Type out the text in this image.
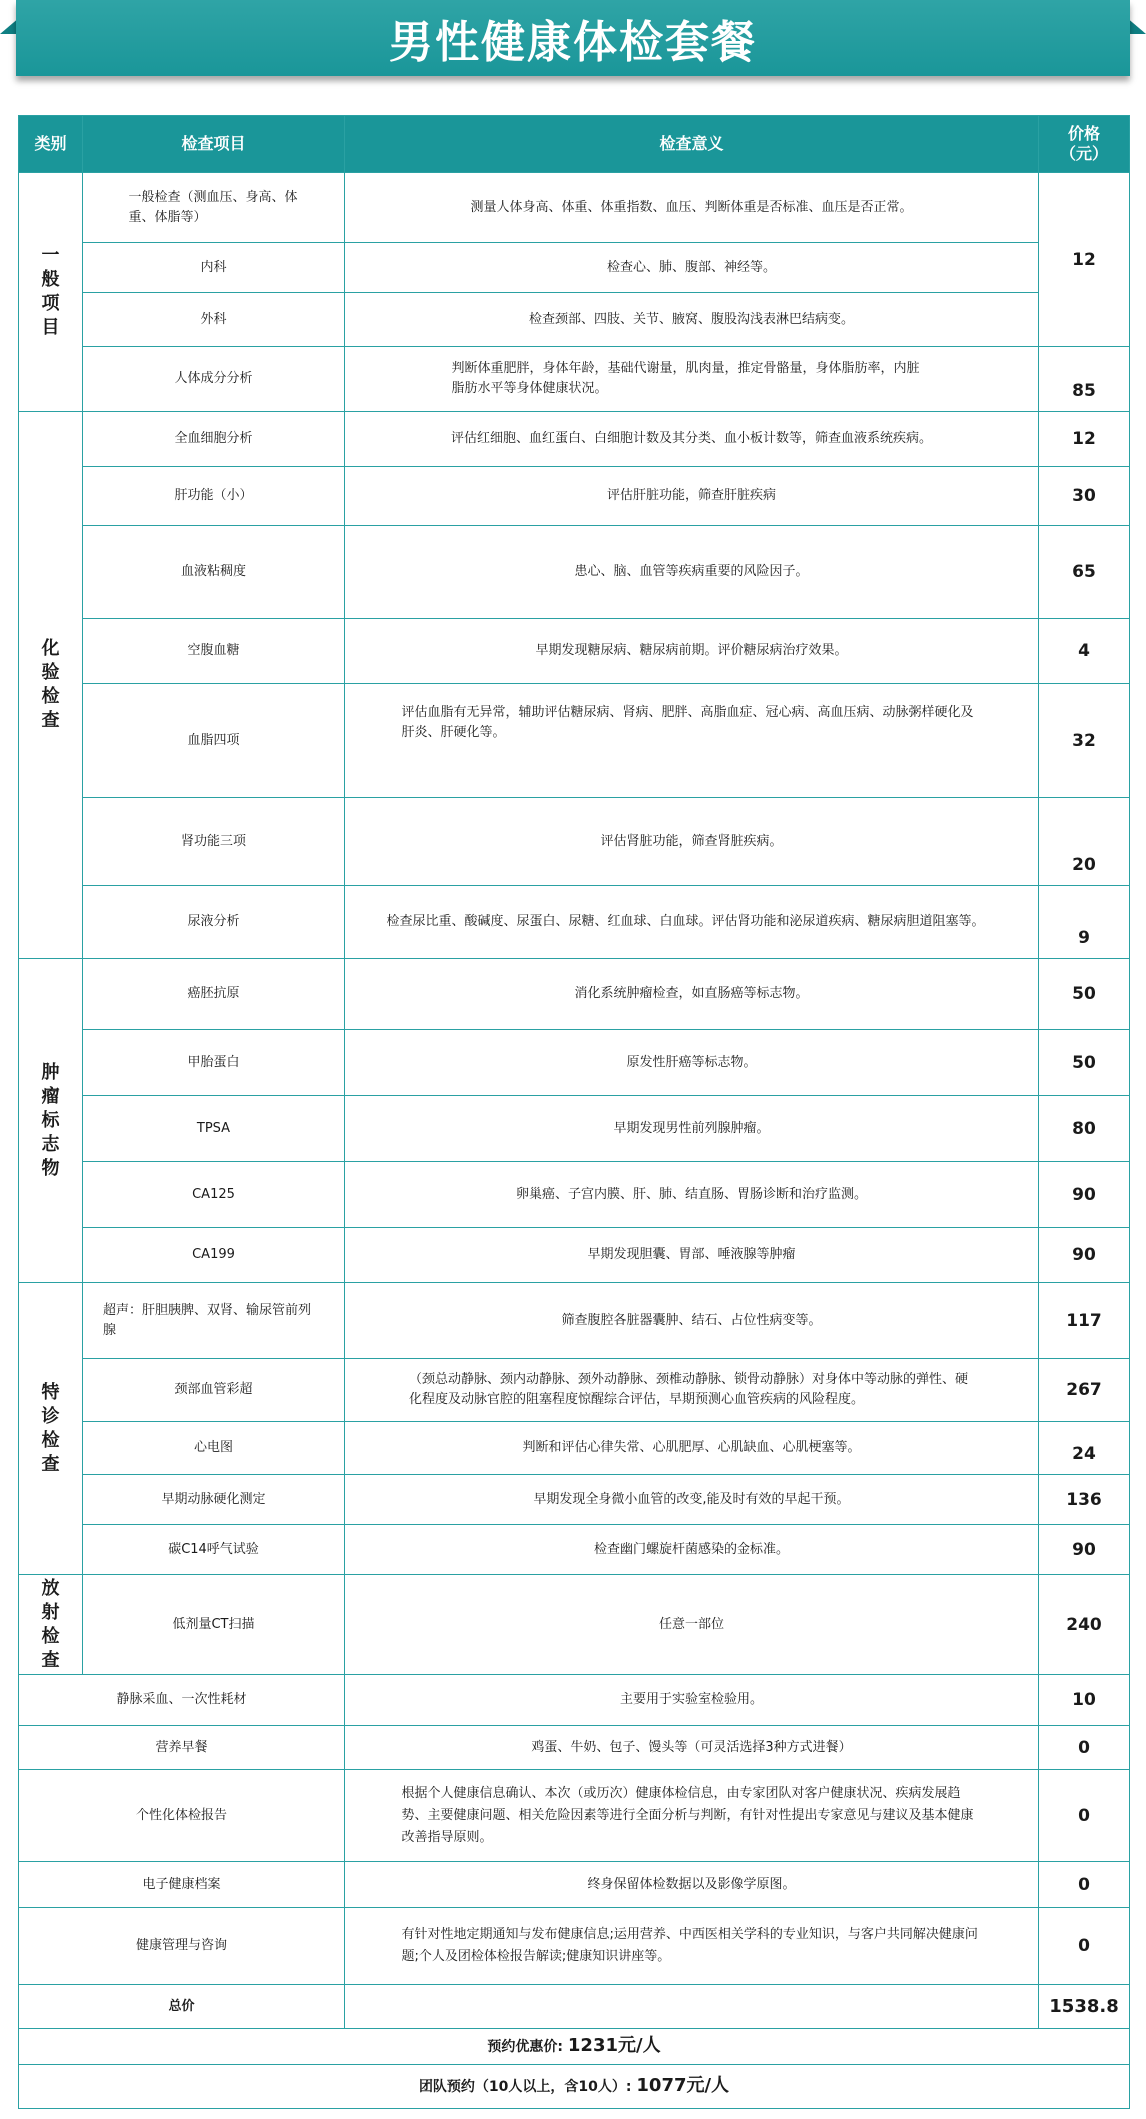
男性健康体检套餐
类别	检查项目	检查意义	价格
（元）
一般项目	一般检查（测血压、身高、体重、体脂等）	测量人体身高、体重、体重指数、血压、判断体重是否标准、血压是否正常。	12
	内科	检查心、肺、腹部、神经等。	
	外科	检查颈部、四肢、关节、腋窝、腹股沟浅表淋巴结病变。	
	人体成分分析	判断体重肥胖，身体年龄，基础代谢量，肌肉量，推定骨骼量，身体脂肪率，内脏脂肪水平等身体健康状况。	85
化验检查	全血细胞分析	评估红细胞、血红蛋白、白细胞计数及其分类、血小板计数等，筛查血液系统疾病。	12
	肝功能（小）	评估肝脏功能，筛查肝脏疾病	30
	血液粘稠度	患心、脑、血管等疾病重要的风险因子。	65
	空腹血糖	早期发现糖尿病、糖尿病前期。评价糖尿病治疗效果。	4
	血脂四项	评估血脂有无异常，辅助评估糖尿病、肾病、肥胖、高脂血症、冠心病、高血压病、动脉粥样硬化及肝炎、肝硬化等。	32
	肾功能三项	评估肾脏功能，筛查肾脏疾病。	20
	尿液分析	检查尿比重、酸碱度、尿蛋白、尿糖、红血球、白血球。评估肾功能和泌尿道疾病、糖尿病胆道阻塞等。	9
肿瘤标志物	癌胚抗原	消化系统肿瘤检查，如直肠癌等标志物。	50
	甲胎蛋白	原发性肝癌等标志物。	50
	TPSA	早期发现男性前列腺肿瘤。	80
	CA125	卵巢癌、子宫内膜、肝、肺、结直肠、胃肠诊断和治疗监测。	90
	CA199	早期发现胆囊、胃部、唾液腺等肿瘤	90
特诊检查	超声：肝胆胰脾、双肾、输尿管前列腺	筛查腹腔各脏器囊肿、结石、占位性病变等。	117
	颈部血管彩超	（颈总动静脉、颈内动静脉、颈外动静脉、颈椎动静脉、锁骨动静脉）对身体中等动脉的弹性、硬化程度及动脉官腔的阻塞程度惊醒综合评估，早期预测心血管疾病的风险程度。	267
	心电图	判断和评估心律失常、心肌肥厚、心肌缺血、心肌梗塞等。	24
	早期动脉硬化测定	早期发现全身微小血管的改变,能及时有效的早起干预。	136
	碳C14呼气试验	检查幽门螺旋杆菌感染的金标准。	90
放射检查	低剂量CT扫描	任意一部位	240
静脉采血、一次性耗材		主要用于实验室检验用。	10
营养早餐		鸡蛋、牛奶、包子、馒头等（可灵活选择3种方式进餐）	0
个性化体检报告		根据个人健康信息确认、本次（或历次）健康体检信息，由专家团队对客户健康状况、疾病发展趋势、主要健康问题、相关危险因素等进行全面分析与判断，有针对性提出专家意见与建议及基本健康改善指导原则。	0
电子健康档案		终身保留体检数据以及影像学原图。	0
健康管理与咨询		有针对性地定期通知与发布健康信息;运用营养、中西医相关学科的专业知识，与客户共同解决健康问题;个人及团检体检报告解读;健康知识讲座等。	0
总价			1538.8
预约优惠价: 1231元/人			
团队预约（10人以上，含10人）: 1077元/人			
